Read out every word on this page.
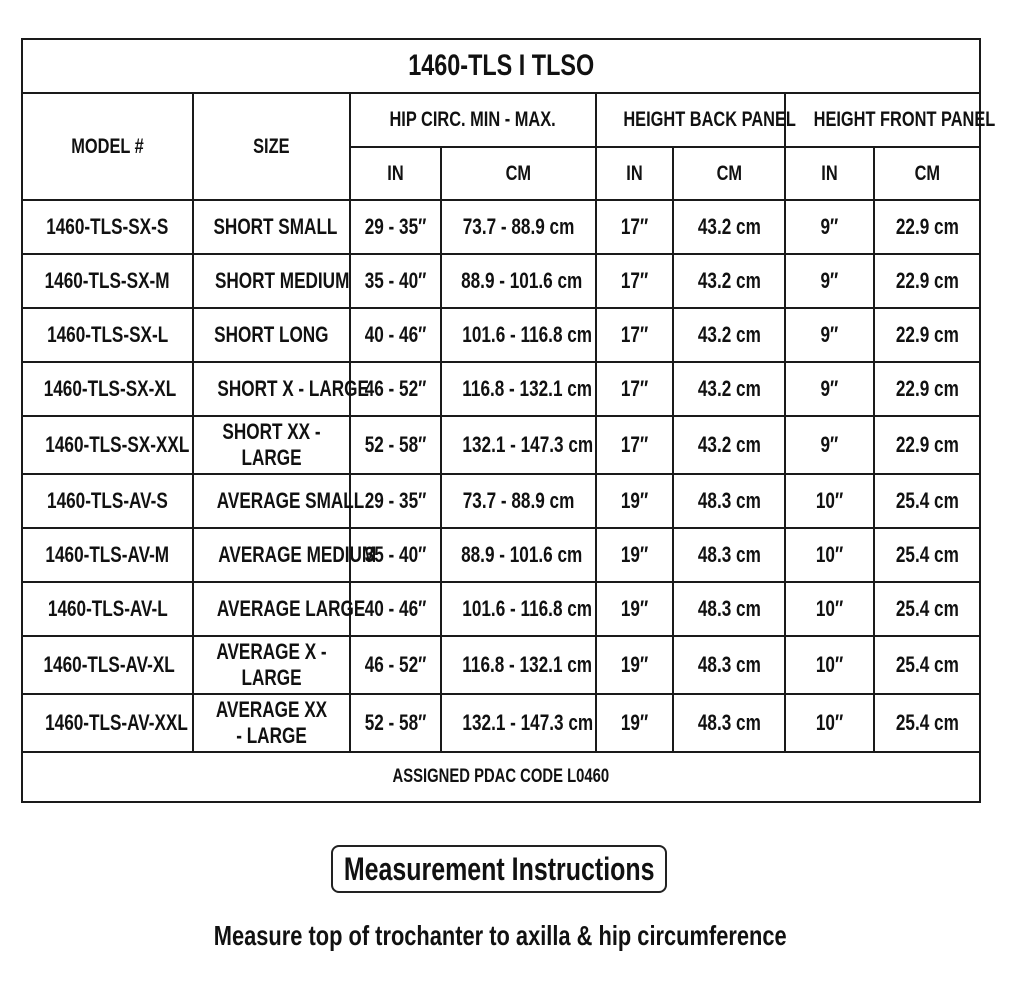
1460-TLS I TLSO							
MODEL #	SIZE	HIP CIRC. MIN - MAX.		HEIGHT BACK PANEL		HEIGHT FRONT PANEL	
		IN	CM	IN	CM	IN	CM
1460-TLS-SX-S	SHORT SMALL	29 - 35″	73.7 - 88.9 cm	17″	43.2 cm	9″	22.9 cm
1460-TLS-SX-M	SHORT MEDIUM	35 - 40″	88.9 - 101.6 cm	17″	43.2 cm	9″	22.9 cm
1460-TLS-SX-L	SHORT LONG	40 - 46″	101.6 - 116.8 cm	17″	43.2 cm	9″	22.9 cm
1460-TLS-SX-XL	SHORT X - LARGE	46 - 52″	116.8 - 132.1 cm	17″	43.2 cm	9″	22.9 cm
1460-TLS-SX-XXL	SHORT XX - LARGE	52 - 58″	132.1 - 147.3 cm	17″	43.2 cm	9″	22.9 cm
1460-TLS-AV-S	AVERAGE SMALL	29 - 35″	73.7 - 88.9 cm	19″	48.3 cm	10″	25.4 cm
1460-TLS-AV-M	AVERAGE MEDIUM	35 - 40″	88.9 - 101.6 cm	19″	48.3 cm	10″	25.4 cm
1460-TLS-AV-L	AVERAGE LARGE	40 - 46″	101.6 - 116.8 cm	19″	48.3 cm	10″	25.4 cm
1460-TLS-AV-XL	AVERAGE X - LARGE	46 - 52″	116.8 - 132.1 cm	19″	48.3 cm	10″	25.4 cm
1460-TLS-AV-XXL	AVERAGE XX - LARGE	52 - 58″	132.1 - 147.3 cm	19″	48.3 cm	10″	25.4 cm
ASSIGNED PDAC CODE L0460							
Measurement Instructions
Measure top of trochanter to axilla & hip circumference
